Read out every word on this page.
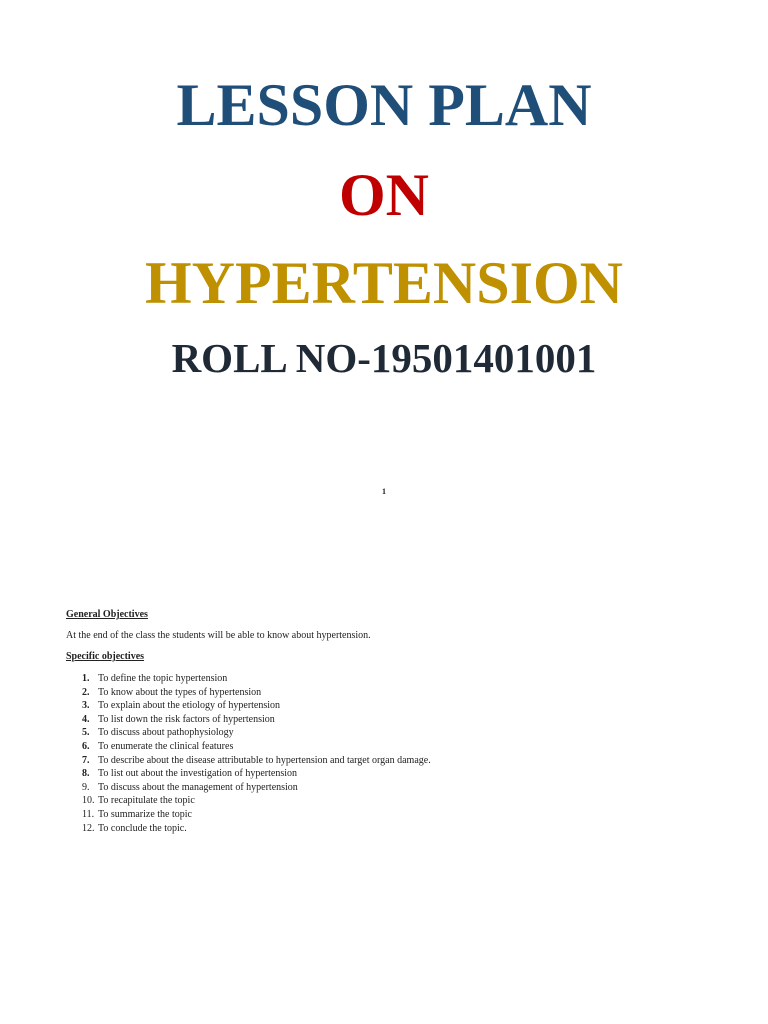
LESSON PLAN
ON
HYPERTENSION
ROLL NO-19501401001
1
General Objectives
At the end of the class the students will be able to know about hypertension.
Specific objectives
1. To define the topic hypertension
2. To know about the types of hypertension
3. To explain about the etiology of hypertension
4. To list down the risk factors of hypertension
5. To discuss about pathophysiology
6. To enumerate the clinical features
7. To describe about the disease attributable to hypertension and target organ damage.
8. To list out about the investigation of hypertension
9. To discuss about the management of hypertension
10. To recapitulate the topic
11. To summarize the topic
12. To conclude the topic.
